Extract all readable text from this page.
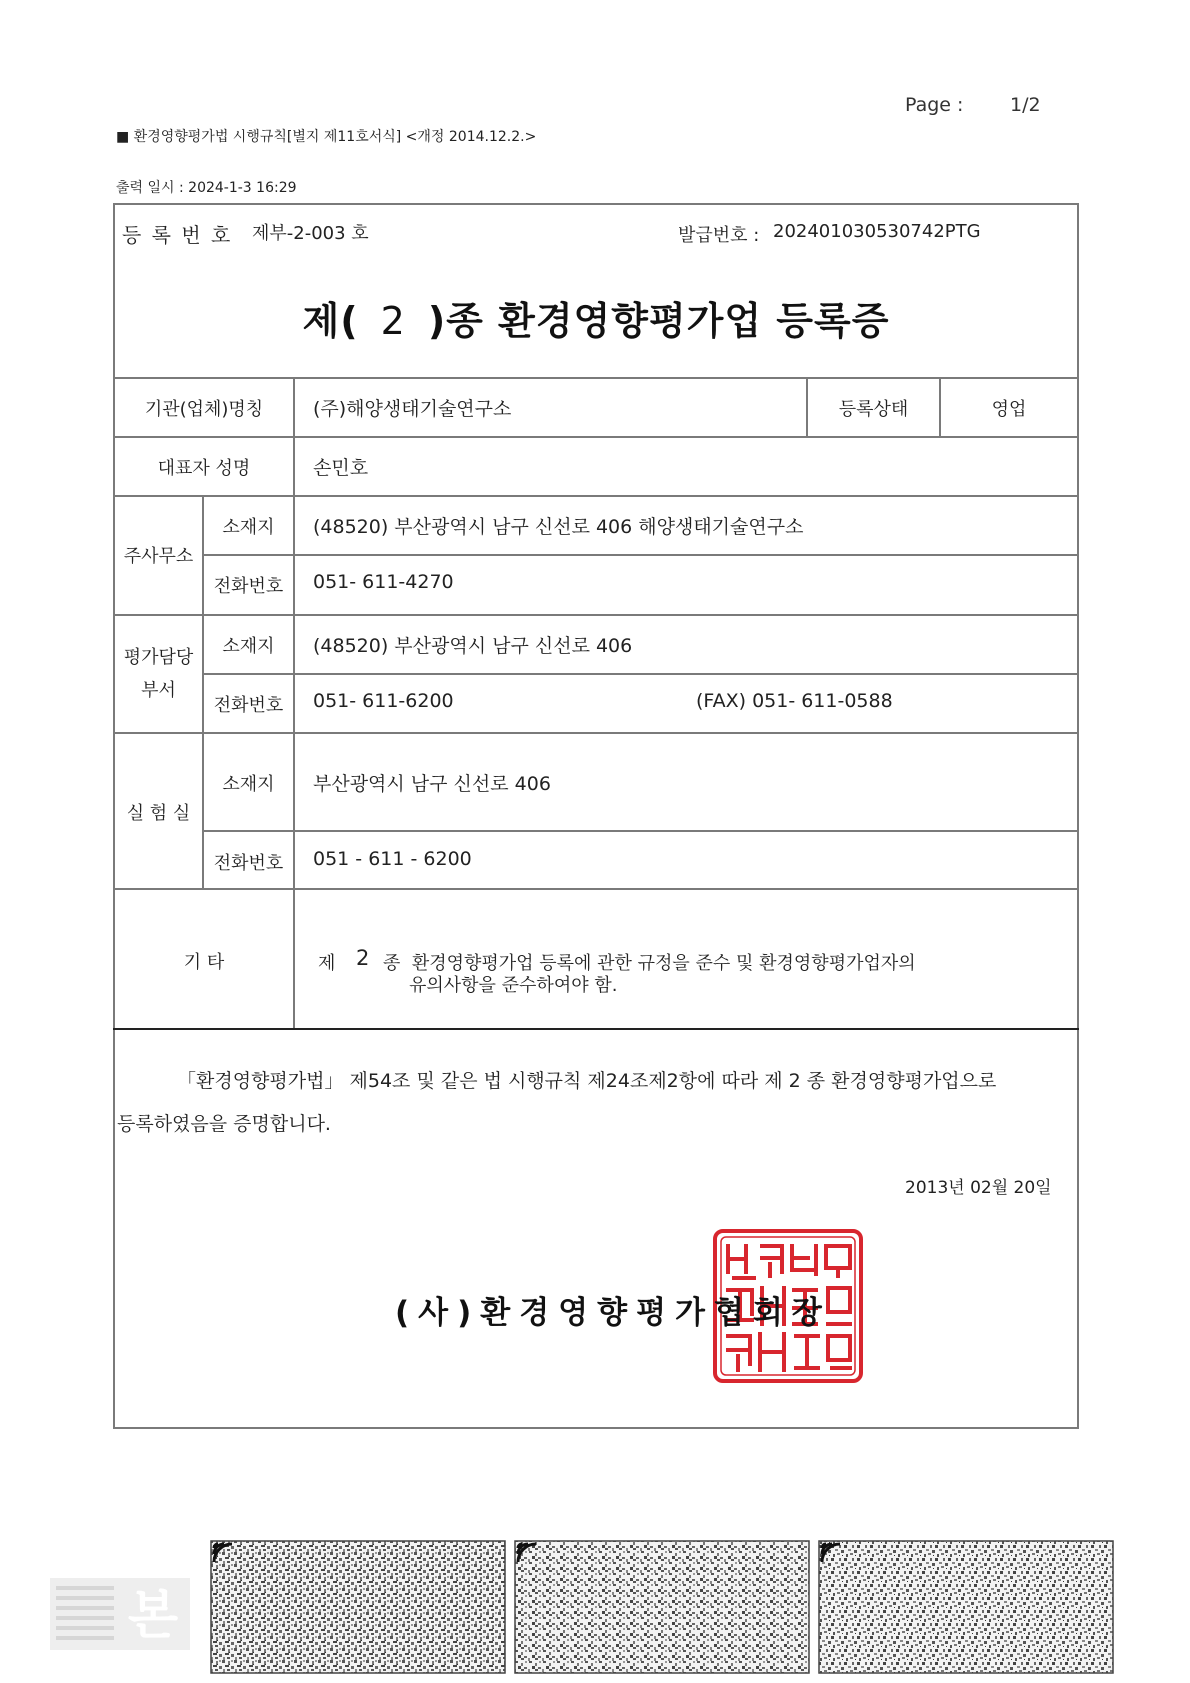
Page : 1/2
■ 환경영향평가법 시행규칙[별지 제11호서식] <개정 2014.12.2.>
출력 일시 : 2024-1-3 16:29
등 록 번 호 제부-2-003 호	발급번호 : 202401030530742PTG
제( 2 )종 환경영향평가업 등록증
기관(업체)명칭	(주)해양생태기술연구소	등록상태	영업
대표자 성명	손민호
주사무소
소재지	(48520) 부산광역시 남구 신선로 406 해양생태기술연구소
전화번호	051- 611-4270
평가담당
부서
소재지	(48520) 부산광역시 남구 신선로 406
전화번호	051- 611-6200	(FAX) 051- 611-0588
실 험 실
소재지	부산광역시 남구 신선로 406
전화번호	051 - 611 - 6200
기 타	제 2 종  환경영향평가업 등록에 관한 규정을 준수 및 환경영향평가업자의
유의사항을 준수하여야 함.
「환경영향평가법」 제54조 및 같은 법 시행규칙 제24조제2항에 따라 제 2 종 환경영향평가업으로
등록하였음을 증명합니다.
2013년 02월 20일
(사)환경영향평가협회장
본
